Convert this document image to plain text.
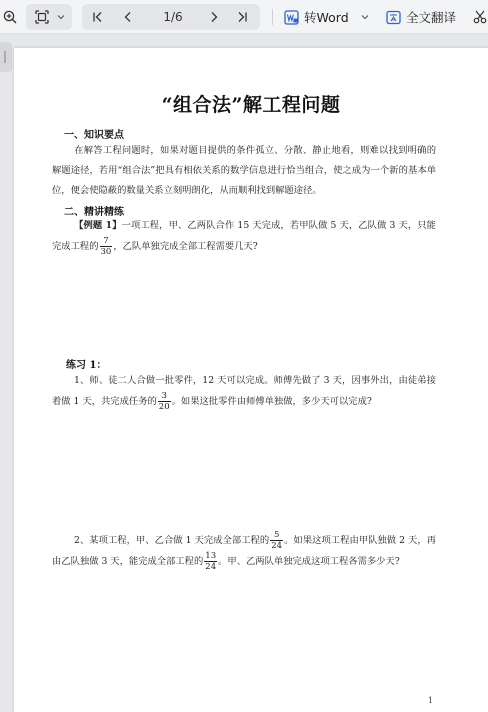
1/6	转Word	全文翻译
“组合法”解工程问题
一、知识要点
在解答工程问题时，如果对题目提供的条件孤立、分散、静止地看，则难以找到明确的解题途径，若用“组合法”把具有相依关系的数学信息进行恰当组合，使之成为一个新的基本单位，便会使隐蔽的数量关系立刻明朗化，从而顺利找到解题途径。
二、精讲精练
【例题 1】一项工程，甲、乙两队合作 15 天完成，若甲队做 5 天，乙队做 3 天，只能完成工程的 $\frac{7}{30}$ ，乙队单独完成全部工程需要几天?
练习 1：
1、师、徒二人合做一批零件，12 天可以完成。师傅先做了 3 天，因事外出，由徒弟接着做 1 天，共完成任务的 $\frac{3}{20}$ 。如果这批零件由师傅单独做，多少天可以完成?
2、某项工程，甲、乙合做 1 天完成全部工程的 $\frac{5}{24}$ 。如果这项工程由甲队独做 2 天，再由乙队独做 3 天，能完成全部工程的 $\frac{13}{24}$ 。甲、乙两队单独完成这项工程各需多少天?
1
